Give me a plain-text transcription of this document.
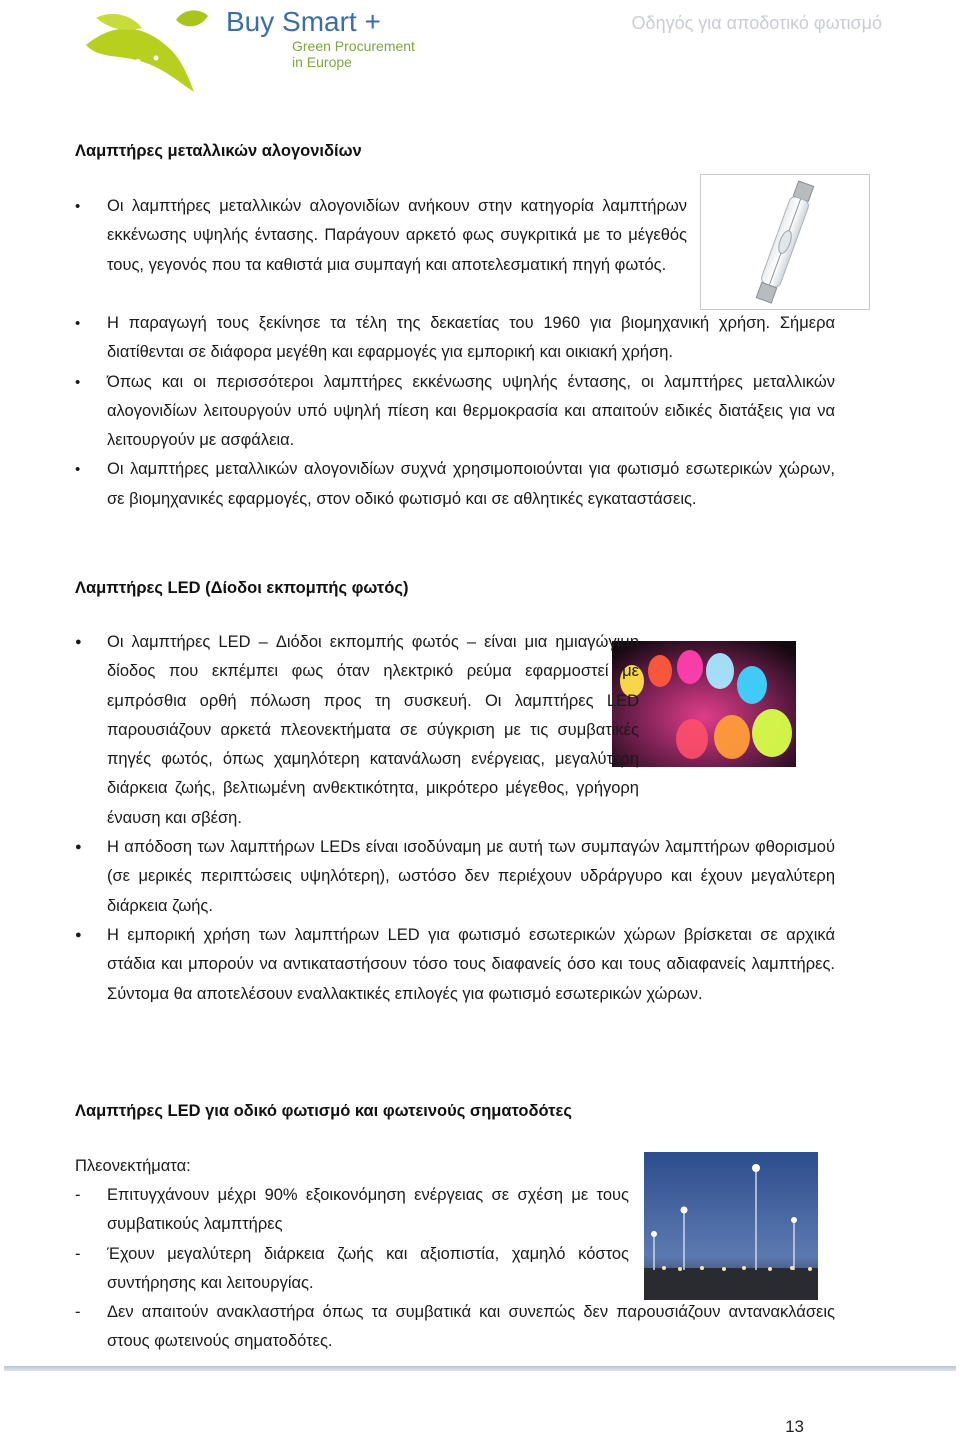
Buy Smart +
Green Procurement
in Europe
Οδηγός για αποδοτικό φωτισμό
Λαμπτήρες μεταλλικών αλογονιδίων
•
Οι λαμπτήρες μεταλλικών αλογονιδίων ανήκουν στην κατηγορία λαμπτήρων εκκένωσης υψηλής έντασης. Παράγουν αρκετό φως συγκριτικά με το μέγεθός τους, γεγονός που τα καθιστά μια συμπαγή και αποτελεσματική πηγή φωτός.
•
Η παραγωγή τους ξεκίνησε τα τέλη της δεκαετίας του 1960 για βιομηχανική χρήση. Σήμερα διατίθενται σε διάφορα μεγέθη και εφαρμογές για εμπορική και οικιακή χρήση.
•
Όπως και οι περισσότεροι λαμπτήρες εκκένωσης υψηλής έντασης, οι λαμπτήρες μεταλλικών αλογονιδίων λειτουργούν υπό υψηλή πίεση και θερμοκρασία και απαιτούν ειδικές διατάξεις για να λειτουργούν με ασφάλεια.
•
Οι λαμπτήρες μεταλλικών αλογονιδίων συχνά χρησιμοποιούνται για φωτισμό εσωτερικών χώρων, σε βιομηχανικές εφαρμογές, στον οδικό φωτισμό και σε αθλητικές εγκαταστάσεις.
Λαμπτήρες LED (Δίοδοι εκπομπής φωτός)
●
Οι λαμπτήρες LED – Διόδοι εκπομπής φωτός – είναι μια ημιαγώγιμη δίοδος που εκπέμπει φως όταν ηλεκτρικό ρεύμα εφαρμοστεί με εμπρόσθια ορθή πόλωση προς τη συσκευή. Οι λαμπτήρες LED παρουσιάζουν αρκετά πλεονεκτήματα σε σύγκριση με τις συμβατικές πηγές φωτός, όπως χαμηλότερη κατανάλωση ενέργειας, μεγαλύτερη διάρκεια ζωής, βελτιωμένη ανθεκτικότητα, μικρότερο μέγεθος, γρήγορη έναυση και σβέση.
●
Η απόδοση των λαμπτήρων LEDs είναι ισοδύναμη με αυτή των συμπαγών λαμπτήρων φθορισμού (σε μερικές περιπτώσεις υψηλότερη), ωστόσο δεν περιέχουν υδράργυρο και έχουν μεγαλύτερη διάρκεια ζωής.
●
Η εμπορική χρήση των λαμπτήρων LED για φωτισμό εσωτερικών χώρων βρίσκεται σε αρχικά στάδια και μπορούν να αντικαταστήσουν τόσο τους διαφανείς όσο και τους αδιαφανείς λαμπτήρες. Σύντομα θα αποτελέσουν εναλλακτικές επιλογές για φωτισμό εσωτερικών χώρων.
Λαμπτήρες LED για οδικό φωτισμό και φωτεινούς σηματοδότες
Πλεονεκτήματα:
-	Επιτυγχάνουν μέχρι 90% εξοικονόμηση ενέργειας σε σχέση με τους συμβατικούς λαμπτήρες
-	Έχουν μεγαλύτερη διάρκεια ζωής και αξιοπιστία, χαμηλό κόστος συντήρησης και λειτουργίας.
-	Δεν απαιτούν ανακλαστήρα όπως τα συμβατικά και συνεπώς δεν παρουσιάζουν αντανακλάσεις στους φωτεινούς σηματοδότες.
13
